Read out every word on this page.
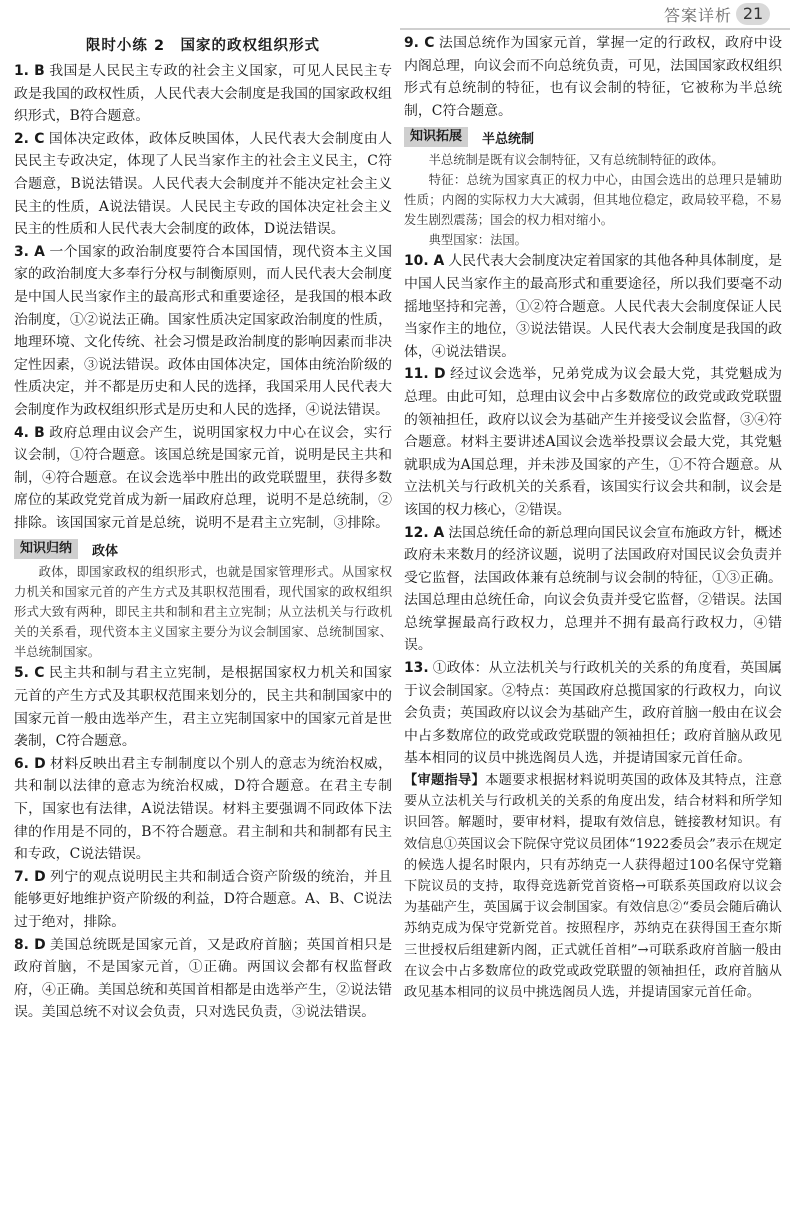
答案详析 21
限时小练 2　国家的政权组织形式

1. B 我国是人民民主专政的社会主义国家，可见人民民主专政是我国的政权性质，人民代表大会制度是我国的国家政权组织形式，B符合题意。

2. C 国体决定政体，政体反映国体，人民代表大会制度由人民民主专政决定，体现了人民当家作主的社会主义民主，C符合题意，B说法错误。人民代表大会制度并不能决定社会主义民主的性质，A说法错误。人民民主专政的国体决定社会主义民主的性质和人民代表大会制度的政体，D说法错误。

3. A 一个国家的政治制度要符合本国国情，现代资本主义国家的政治制度大多奉行分权与制衡原则，而人民代表大会制度是中国人民当家作主的最高形式和重要途径，是我国的根本政治制度，①②说法正确。国家性质决定国家政治制度的性质，地理环境、文化传统、社会习惯是政治制度的影响因素而非决定性因素，③说法错误。政体由国体决定，国体由统治阶级的性质决定，并不都是历史和人民的选择，我国采用人民代表大会制度作为政权组织形式是历史和人民的选择，④说法错误。

4. B 政府总理由议会产生，说明国家权力中心在议会，实行议会制，①符合题意。该国总统是国家元首，说明是民主共和制，④符合题意。在议会选举中胜出的政党联盟里，获得多数席位的某政党党首成为新一届政府总理，说明不是总统制，②排除。该国国家元首是总统，说明不是君主立宪制，③排除。

知识归纳	政体

政体，即国家政权的组织形式，也就是国家管理形式。从国家权力机关和国家元首的产生方式及其职权范围看，现代国家的政权组织形式大致有两种，即民主共和制和君主立宪制；从立法机关与行政机关的关系看，现代资本主义国家主要分为议会制国家、总统制国家、半总统制国家。

5. C 民主共和制与君主立宪制，是根据国家权力机关和国家元首的产生方式及其职权范围来划分的，民主共和制国家中的国家元首一般由选举产生，君主立宪制国家中的国家元首是世袭制，C符合题意。

6. D 材料反映出君主专制制度以个别人的意志为统治权威，共和制以法律的意志为统治权威，D符合题意。在君主专制下，国家也有法律，A说法错误。材料主要强调不同政体下法律的作用是不同的，B不符合题意。君主制和共和制都有民主和专政，C说法错误。

7. D 列宁的观点说明民主共和制适合资产阶级的统治，并且能够更好地维护资产阶级的利益，D符合题意。A、B、C说法过于绝对，排除。

8. D 美国总统既是国家元首，又是政府首脑；英国首相只是政府首脑，不是国家元首，①正确。两国议会都有权监督政府，④正确。美国总统和英国首相都是由选举产生，②说法错误。美国总统不对议会负责，只对选民负责，③说法错误。

9. C 法国总统作为国家元首，掌握一定的行政权，政府中设内阁总理，向议会而不向总统负责，可见，法国国家政权组织形式有总统制的特征，也有议会制的特征，它被称为半总统制，C符合题意。

知识拓展	半总统制

半总统制是既有议会制特征，又有总统制特征的政体。

特征：总统为国家真正的权力中心，由国会选出的总理只是辅助性质；内阁的实际权力大大减弱，但其地位稳定，政局较平稳，不易发生剧烈震荡；国会的权力相对缩小。

典型国家：法国。

10. A 人民代表大会制度决定着国家的其他各种具体制度，是中国人民当家作主的最高形式和重要途径，所以我们要毫不动摇地坚持和完善，①②符合题意。人民代表大会制度保证人民当家作主的地位，③说法错误。人民代表大会制度是我国的政体，④说法错误。

11. D 经过议会选举，兄弟党成为议会最大党，其党魁成为总理。由此可知，总理由议会中占多数席位的政党或政党联盟的领袖担任，政府以议会为基础产生并接受议会监督，③④符合题意。材料主要讲述A国议会选举投票议会最大党，其党魁就职成为A国总理，并未涉及国家的产生，①不符合题意。从立法机关与行政机关的关系看，该国实行议会共和制，议会是该国的权力核心，②错误。

12. A 法国总统任命的新总理向国民议会宣布施政方针，概述政府未来数月的经济议题，说明了法国政府对国民议会负责并受它监督，法国政体兼有总统制与议会制的特征，①③正确。法国总理由总统任命，向议会负责并受它监督，②错误。法国总统掌握最高行政权力，总理并不拥有最高行政权力，④错误。

13. ①政体：从立法机关与行政机关的关系的角度看，英国属于议会制国家。②特点：英国政府总揽国家的行政权力，向议会负责；英国政府以议会为基础产生，政府首脑一般由在议会中占多数席位的政党或政党联盟的领袖担任；政府首脑从政见基本相同的议员中挑选阁员人选，并提请国家元首任命。

【审题指导】本题要求根据材料说明英国的政体及其特点，注意要从立法机关与行政机关的关系的角度出发，结合材料和所学知识回答。解题时，要审材料，提取有效信息，链接教材知识。有效信息①英国议会下院保守党议员团体“1922委员会”表示在规定的候选人提名时限内，只有苏纳克一人获得超过100名保守党籍下院议员的支持，取得竞选新党首资格→可联系英国政府以议会为基础产生，英国属于议会制国家。有效信息②“委员会随后确认苏纳克成为保守党新党首。按照程序，苏纳克在获得国王查尔斯三世授权后组建新内阁，正式就任首相”→可联系政府首脑一般由在议会中占多数席位的政党或政党联盟的领袖担任，政府首脑从政见基本相同的议员中挑选阁员人选，并提请国家元首任命。
